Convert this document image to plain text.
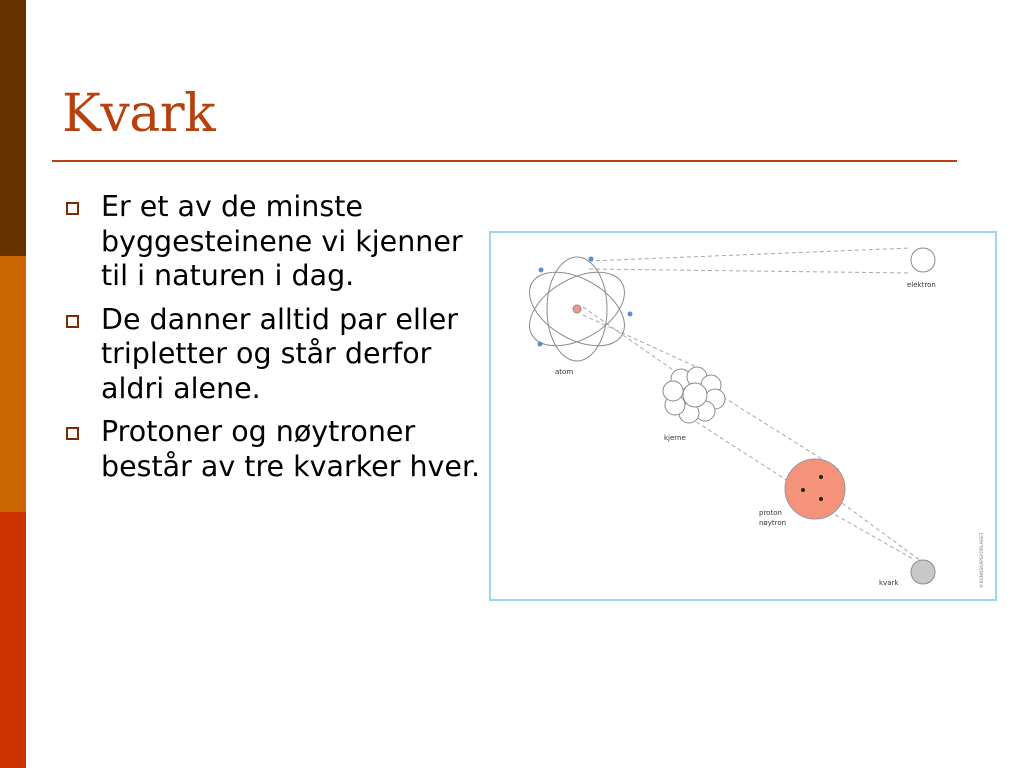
Kvark
Er et av de minste byggesteinene vi kjenner til i naturen i dag.
De danner alltid par eller tripletter og står derfor aldri alene.
Protoner og nøytroner består av tre kvarker hver.
atom
elektron
kjerne
proton
nøytron
kvark	©KUNNSKAPSFORLAGET
